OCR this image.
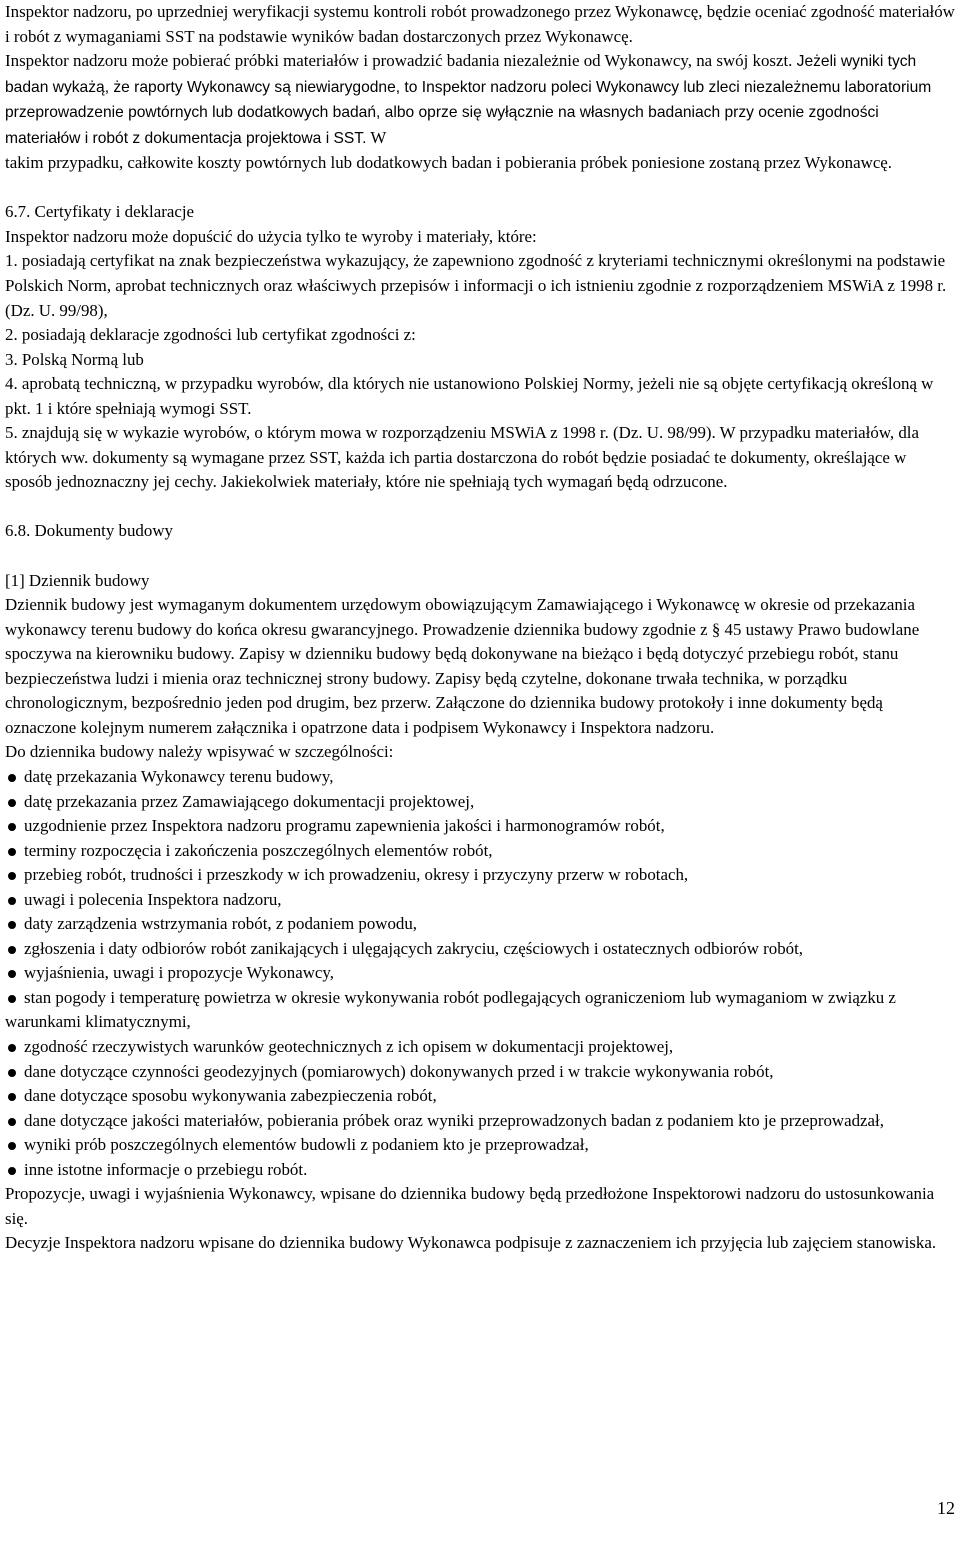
Inspektor nadzoru, po uprzedniej weryfikacji systemu kontroli robót prowadzonego przez Wykonawcę, będzie oceniać zgodność materiałów i robót z wymaganiami SST na podstawie wyników badan dostarczonych przez Wykonawcę.
Inspektor nadzoru może pobierać próbki materiałów i prowadzić badania niezależnie od Wykonawcy, na swój koszt. Jeżeli wyniki tych badan wykażą, że raporty Wykonawcy są niewiarygodne, to Inspektor nadzoru poleci Wykonawcy lub zleci niezależnemu laboratorium przeprowadzenie powtórnych lub dodatkowych badań, albo oprze się wyłącznie na własnych badaniach przy ocenie zgodności materiałów i robót z dokumentacja projektowa i SST. W
takim przypadku, całkowite koszty powtórnych lub dodatkowych badan i pobierania próbek poniesione zostaną przez Wykonawcę.

6.7. Certyfikaty i deklaracje

Inspektor nadzoru może dopuścić do użycia tylko te wyroby i materiały, które:

1. posiadają certyfikat na znak bezpieczeństwa wykazujący, że zapewniono zgodność z kryteriami technicznymi określonymi na podstawie Polskich Norm, aprobat technicznych oraz właściwych przepisów i informacji o ich istnieniu zgodnie z rozporządzeniem MSWiA z 1998 r. (Dz. U. 99/98),

2. posiadają deklaracje zgodności lub certyfikat zgodności z:

3. Polską Normą lub

4. aprobatą techniczną, w przypadku wyrobów, dla których nie ustanowiono Polskiej Normy, jeżeli nie są objęte certyfikacją określoną w pkt. 1 i które spełniają wymogi SST.

5. znajdują się w wykazie wyrobów, o którym mowa w rozporządzeniu MSWiA z 1998 r. (Dz. U. 98/99). W przypadku materiałów, dla których ww. dokumenty są wymagane przez SST, każda ich partia dostarczona do robót będzie posiadać te dokumenty, określające w sposób jednoznaczny jej cechy. Jakiekolwiek materiały, które nie spełniają tych wymagań będą odrzucone.

6.8. Dokumenty budowy

[1] Dziennik budowy

Dziennik budowy jest wymaganym dokumentem urzędowym obowiązującym Zamawiającego i Wykonawcę w okresie od przekazania wykonawcy terenu budowy do końca okresu gwarancyjnego. Prowadzenie dziennika budowy zgodnie z § 45 ustawy Prawo budowlane spoczywa na kierowniku budowy. Zapisy w dzienniku budowy będą dokonywane na bieżąco i będą dotyczyć przebiegu robót, stanu bezpieczeństwa ludzi i mienia oraz technicznej strony budowy. Zapisy będą czytelne, dokonane trwała technika, w porządku chronologicznym, bezpośrednio jeden pod drugim, bez przerw. Załączone do dziennika budowy protokoły i inne dokumenty będą oznaczone kolejnym numerem załącznika i opatrzone data i podpisem Wykonawcy i Inspektora nadzoru.

Do dziennika budowy należy wpisywać w szczególności:

datę przekazania Wykonawcy terenu budowy,
datę przekazania przez Zamawiającego dokumentacji projektowej,
uzgodnienie przez Inspektora nadzoru programu zapewnienia jakości i harmonogramów robót,
terminy rozpoczęcia i zakończenia poszczególnych elementów robót,
przebieg robót, trudności i przeszkody w ich prowadzeniu, okresy i przyczyny przerw w robotach,
uwagi i polecenia Inspektora nadzoru,
daty zarządzenia wstrzymania robót, z podaniem powodu,
zgłoszenia i daty odbiorów robót zanikających i ulęgających zakryciu, częściowych i ostatecznych odbiorów robót,
wyjaśnienia, uwagi i propozycje Wykonawcy,
stan pogody i temperaturę powietrza w okresie wykonywania robót podlegających ograniczeniom lub wymaganiom w związku z warunkami klimatycznymi,
zgodność rzeczywistych warunków geotechnicznych z ich opisem w dokumentacji projektowej,
dane dotyczące czynności geodezyjnych (pomiarowych) dokonywanych przed i w trakcie wykonywania robót,
dane dotyczące sposobu wykonywania zabezpieczenia robót,
dane dotyczące jakości materiałów, pobierania próbek oraz wyniki przeprowadzonych badan z podaniem kto je przeprowadzał,
wyniki prób poszczególnych elementów budowli z podaniem kto je przeprowadzał,
inne istotne informacje o przebiegu robót.

Propozycje, uwagi i wyjaśnienia Wykonawcy, wpisane do dziennika budowy będą przedłożone Inspektorowi nadzoru do ustosunkowania się.

Decyzje Inspektora nadzoru wpisane do dziennika budowy Wykonawca podpisuje z zaznaczeniem ich przyjęcia lub zajęciem stanowiska.

12
